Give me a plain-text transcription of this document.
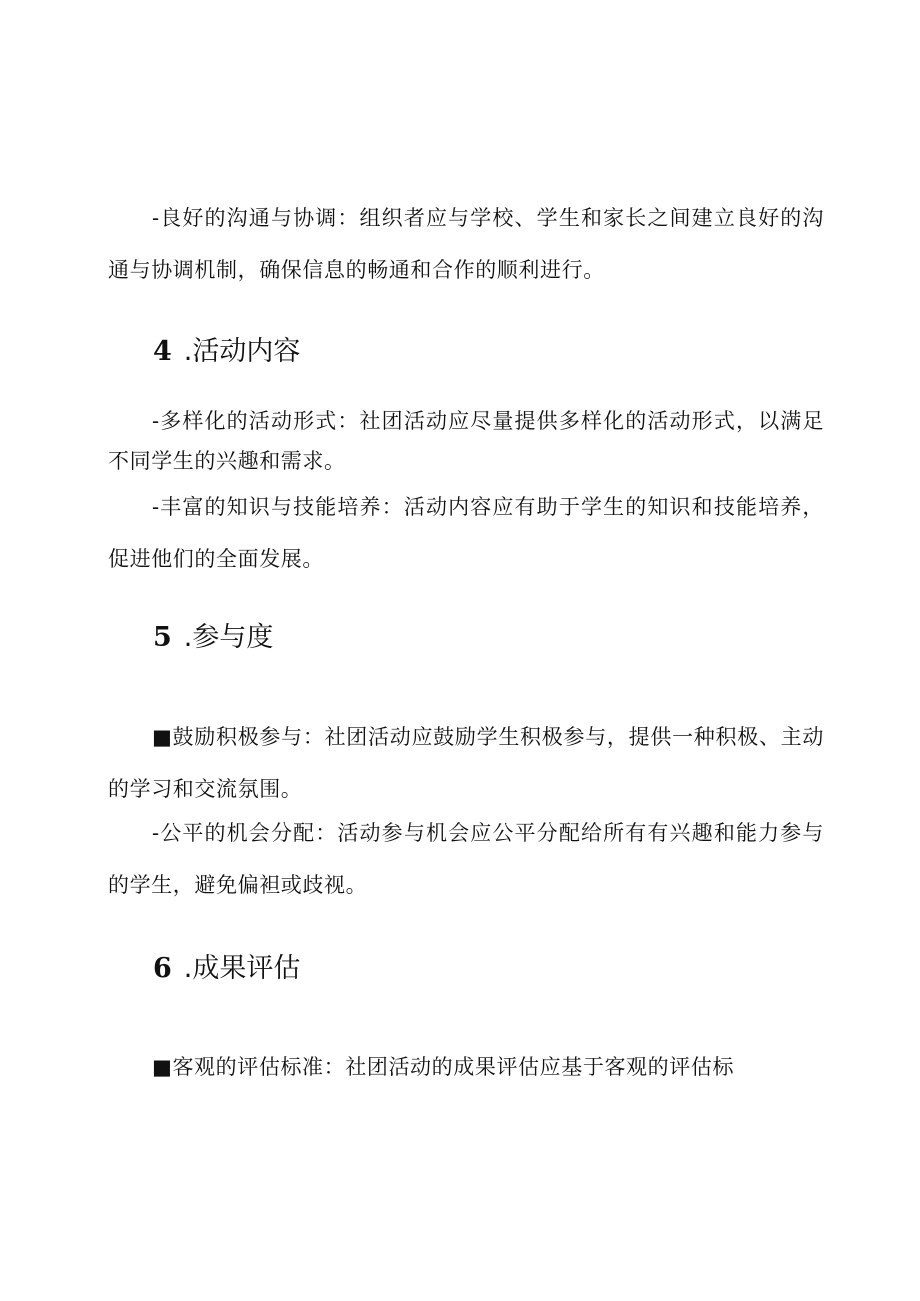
-良好的沟通与协调：组织者应与学校、学生和家长之间建立良好的沟通与协调机制，确保信息的畅通和合作的顺利进行。

4 .活动内容

-多样化的活动形式：社团活动应尽量提供多样化的活动形式，以满足不同学生的兴趣和需求。

-丰富的知识与技能培养：活动内容应有助于学生的知识和技能培养，促进他们的全面发展。

5 .参与度

■鼓励积极参与：社团活动应鼓励学生积极参与，提供一种积极、主动的学习和交流氛围。

-公平的机会分配：活动参与机会应公平分配给所有有兴趣和能力参与的学生，避免偏袒或歧视。

6 .成果评估

■客观的评估标准：社团活动的成果评估应基于客观的评估标
